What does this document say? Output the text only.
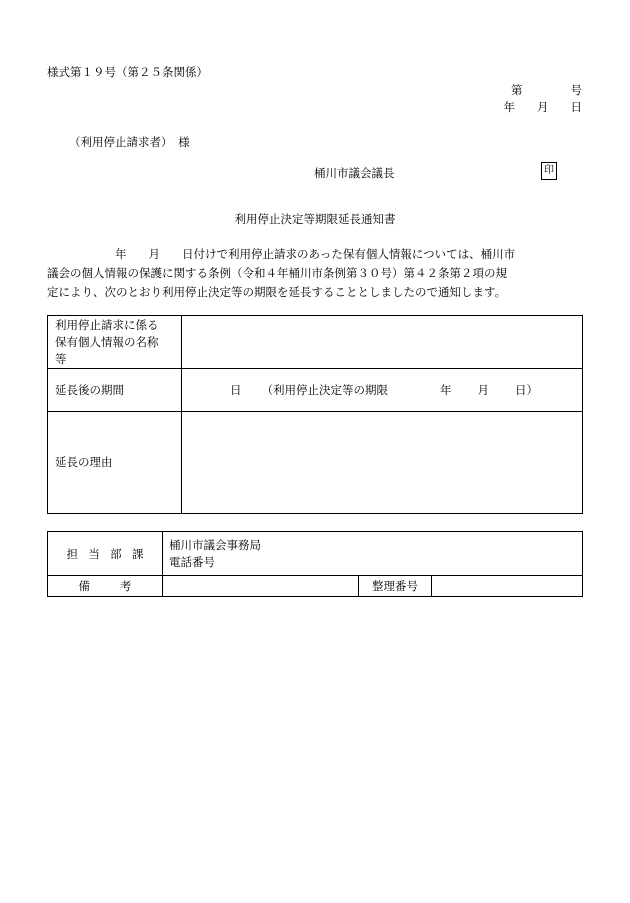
様式第１９号（第２５条関係）
第	号
年 月 日
（利用停止請求者）　様
桶川市議会議長	印
利用停止決定等期限延長通知書
年 月 日付けで利用停止請求のあった保有個人情報については、桶川市
議会の個人情報の保護に関する条例（令和４年桶川市条例第３０号）第４２条第２項の規
定により、次のとおり利用停止決定等の期限を延長することとしましたので通知します。
利用停止請求に係る
保有個人情報の名称
等	

延長後の期間	日 （利用停止決定等の期限 年 月 日）

延長の理由	
担当部課	桶川市議会事務局
電話番号		

備考		整理番号	
